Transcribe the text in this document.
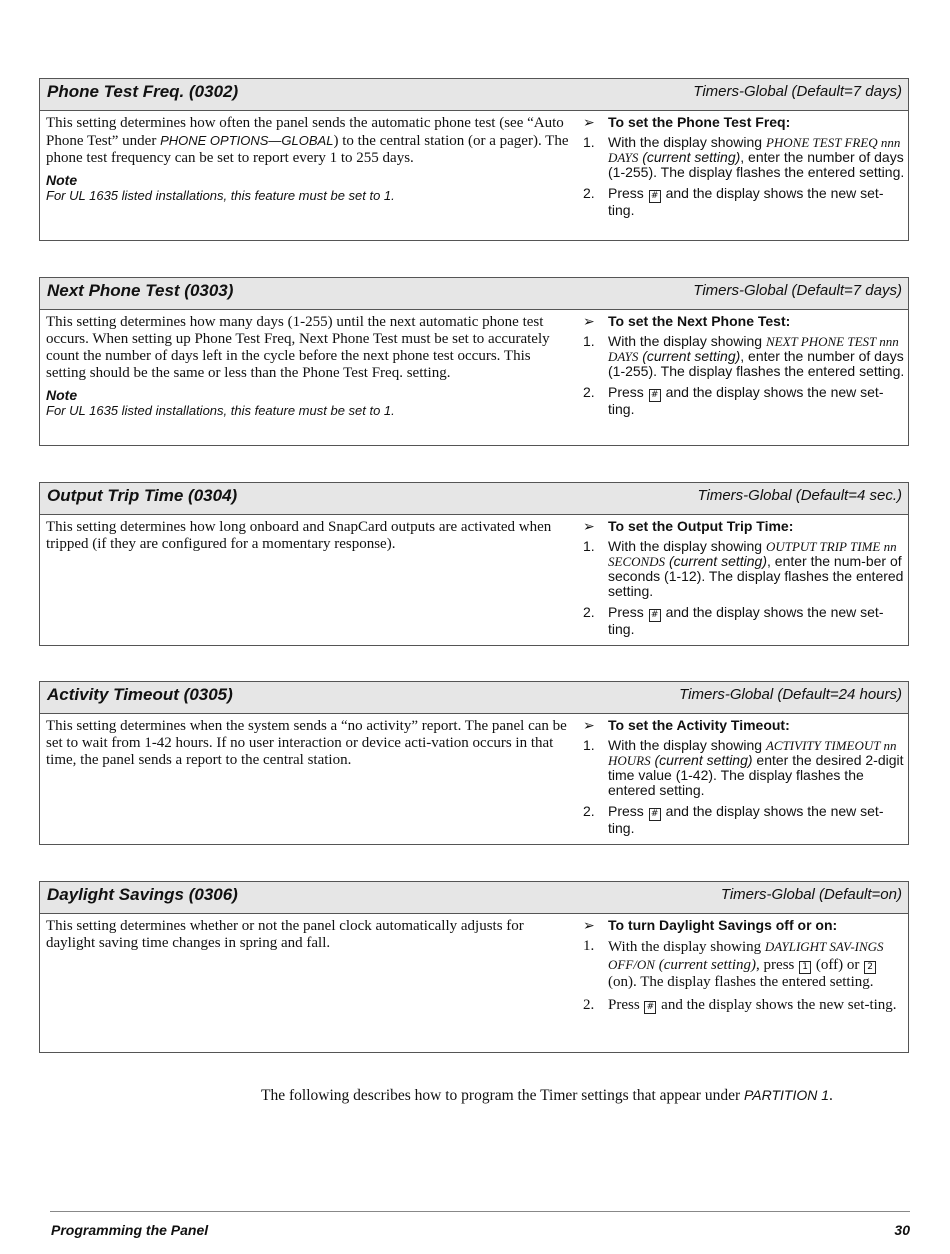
Phone Test Freq. (0302)	Timers-Global (Default=7 days)
This setting determines how often the panel sends the automatic phone test (see “Auto Phone Test” under PHONE OPTIONS—GLOBAL) to the central station (or a pager). The phone test frequency can be set to report every 1 to 255 days.
Note
For UL 1635 listed installations, this feature must be set to 1.
➢ To set the Phone Test Freq:
1. With the display showing PHONE TEST FREQ nnn DAYS (current setting), enter the number of days (1-255). The display flashes the entered setting.
2. Press # and the display shows the new set-ting.
Next Phone Test (0303)	Timers-Global (Default=7 days)
This setting determines how many days (1-255) until the next automatic phone test occurs. When setting up Phone Test Freq, Next Phone Test must be set to accurately count the number of days left in the cycle before the next phone test occurs. This setting should be the same or less than the Phone Test Freq. setting.
Note
For UL 1635 listed installations, this feature must be set to 1.
➢ To set the Next Phone Test:
1. With the display showing NEXT PHONE TEST nnn DAYS (current setting), enter the number of days (1-255). The display flashes the entered setting.
2. Press # and the display shows the new set-ting.
Output Trip Time (0304)	Timers-Global (Default=4 sec.)
This setting determines how long onboard and SnapCard outputs are activated when tripped (if they are configured for a momentary response).
➢ To set the Output Trip Time:
1. With the display showing OUTPUT TRIP TIME nn SECONDS (current setting), enter the num-ber of seconds (1-12). The display flashes the entered setting.
2. Press # and the display shows the new set-ting.
Activity Timeout (0305)	Timers-Global (Default=24 hours)
This setting determines when the system sends a “no activity” report. The panel can be set to wait from 1-42 hours. If no user interaction or device acti-vation occurs in that time, the panel sends a report to the central station.
➢ To set the Activity Timeout:
1. With the display showing ACTIVITY TIMEOUT nn HOURS (current setting) enter the desired 2-digit time value (1-42). The display flashes the entered setting.
2. Press # and the display shows the new set-ting.
Daylight Savings (0306)	Timers-Global (Default=on)
This setting determines whether or not the panel clock automatically adjusts for daylight saving time changes in spring and fall.
➢ To turn Daylight Savings off or on:
1. With the display showing DAYLIGHT SAV-INGS OFF/ON (current setting), press 1 (off) or 2 (on). The display flashes the entered setting.
2. Press # and the display shows the new set-ting.
The following describes how to program the Timer settings that appear under PARTITION 1.
Programming the Panel	30
